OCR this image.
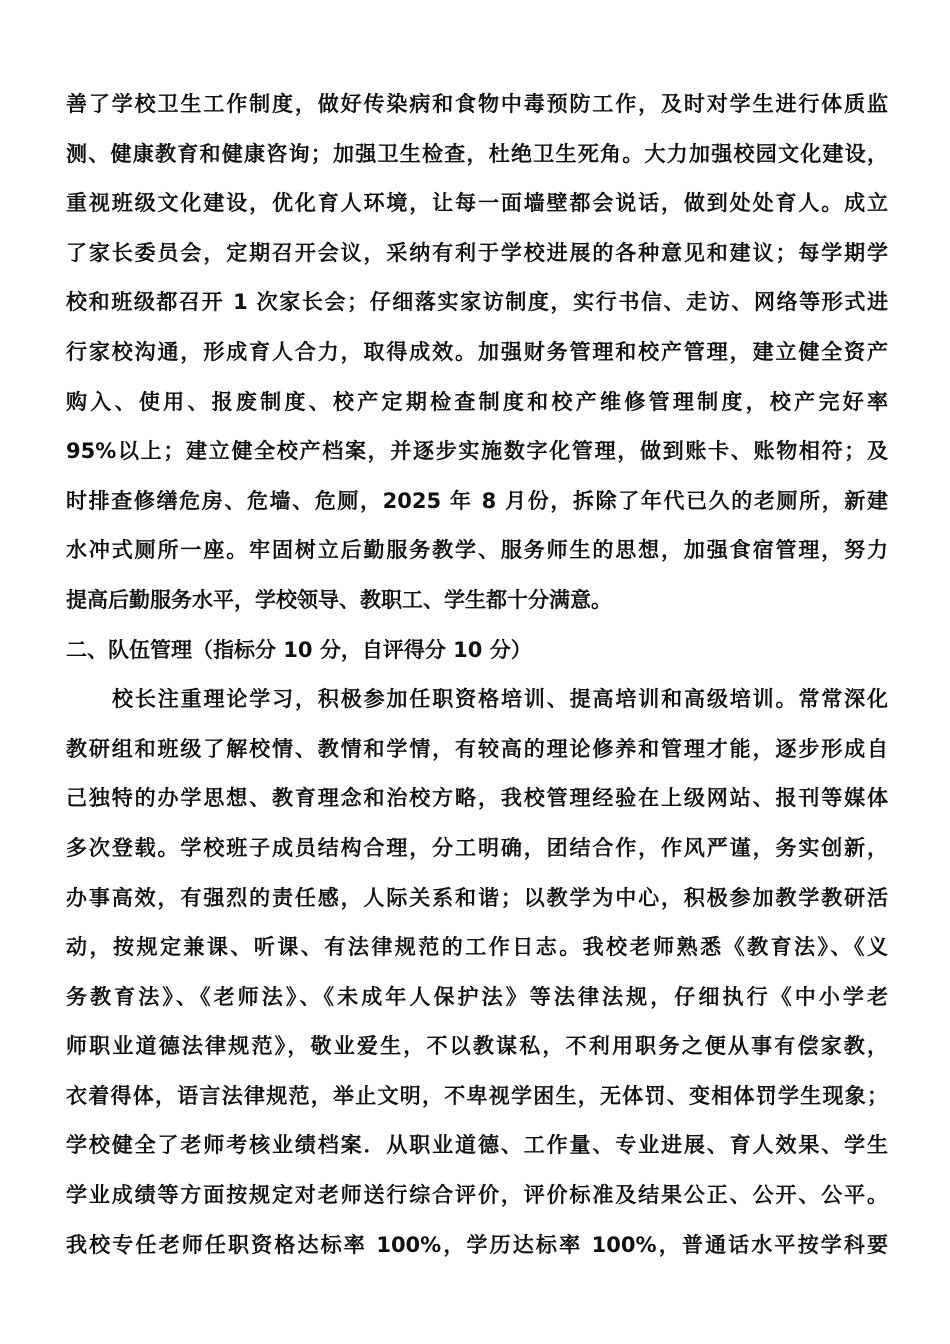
善了学校卫生工作制度，做好传染病和食物中毒预防工作，及时对学生进行体质监
测、健康教育和健康咨询；加强卫生检查，杜绝卫生死角。大力加强校园文化建设，
重视班级文化建设，优化育人环境，让每一面墙壁都会说话，做到处处育人。成立
了家长委员会，定期召开会议，采纳有利于学校进展的各种意见和建议；每学期学
校和班级都召开 1 次家长会；仔细落实家访制度，实行书信、走访、网络等形式进
行家校沟通，形成育人合力，取得成效。加强财务管理和校产管理，建立健全资产
购入、使用、报废制度、校产定期检查制度和校产维修管理制度，校产完好率
95%以上；建立健全校产档案，并逐步实施数字化管理，做到账卡、账物相符；及
时排查修缮危房、危墙、危厕，2025 年 8 月份，拆除了年代已久的老厕所，新建
水冲式厕所一座。牢固树立后勤服务教学、服务师生的思想，加强食宿管理，努力
提高后勤服务水平，学校领导、教职工、学生都十分满意。
二、队伍管理（指标分 10 分，自评得分 10 分）
校长注重理论学习，积极参加任职资格培训、提高培训和高级培训。常常深化
教研组和班级了解校情、教情和学情，有较高的理论修养和管理才能，逐步形成自
己独特的办学思想、教育理念和治校方略，我校管理经验在上级网站、报刊等媒体
多次登载。学校班子成员结构合理，分工明确，团结合作，作风严谨，务实创新，
办事高效，有强烈的责任感，人际关系和谐；以教学为中心，积极参加教学教研活
动，按规定兼课、听课、有法律规范的工作日志。我校老师熟悉《教育法》、《义
务教育法》、《老师法》、《未成年人保护法》等法律法规，仔细执行《中小学老
师职业道德法律规范》，敬业爱生，不以教谋私，不利用职务之便从事有偿家教，
衣着得体，语言法律规范，举止文明，不卑视学困生，无体罚、变相体罚学生现象；
学校健全了老师考核业绩档案．从职业道德、工作量、专业进展、育人效果、学生
学业成绩等方面按规定对老师送行综合评价，评价标准及结果公正、公开、公平。
我校专任老师任职资格达标率 100%，学历达标率 100%，普通话水平按学科要
